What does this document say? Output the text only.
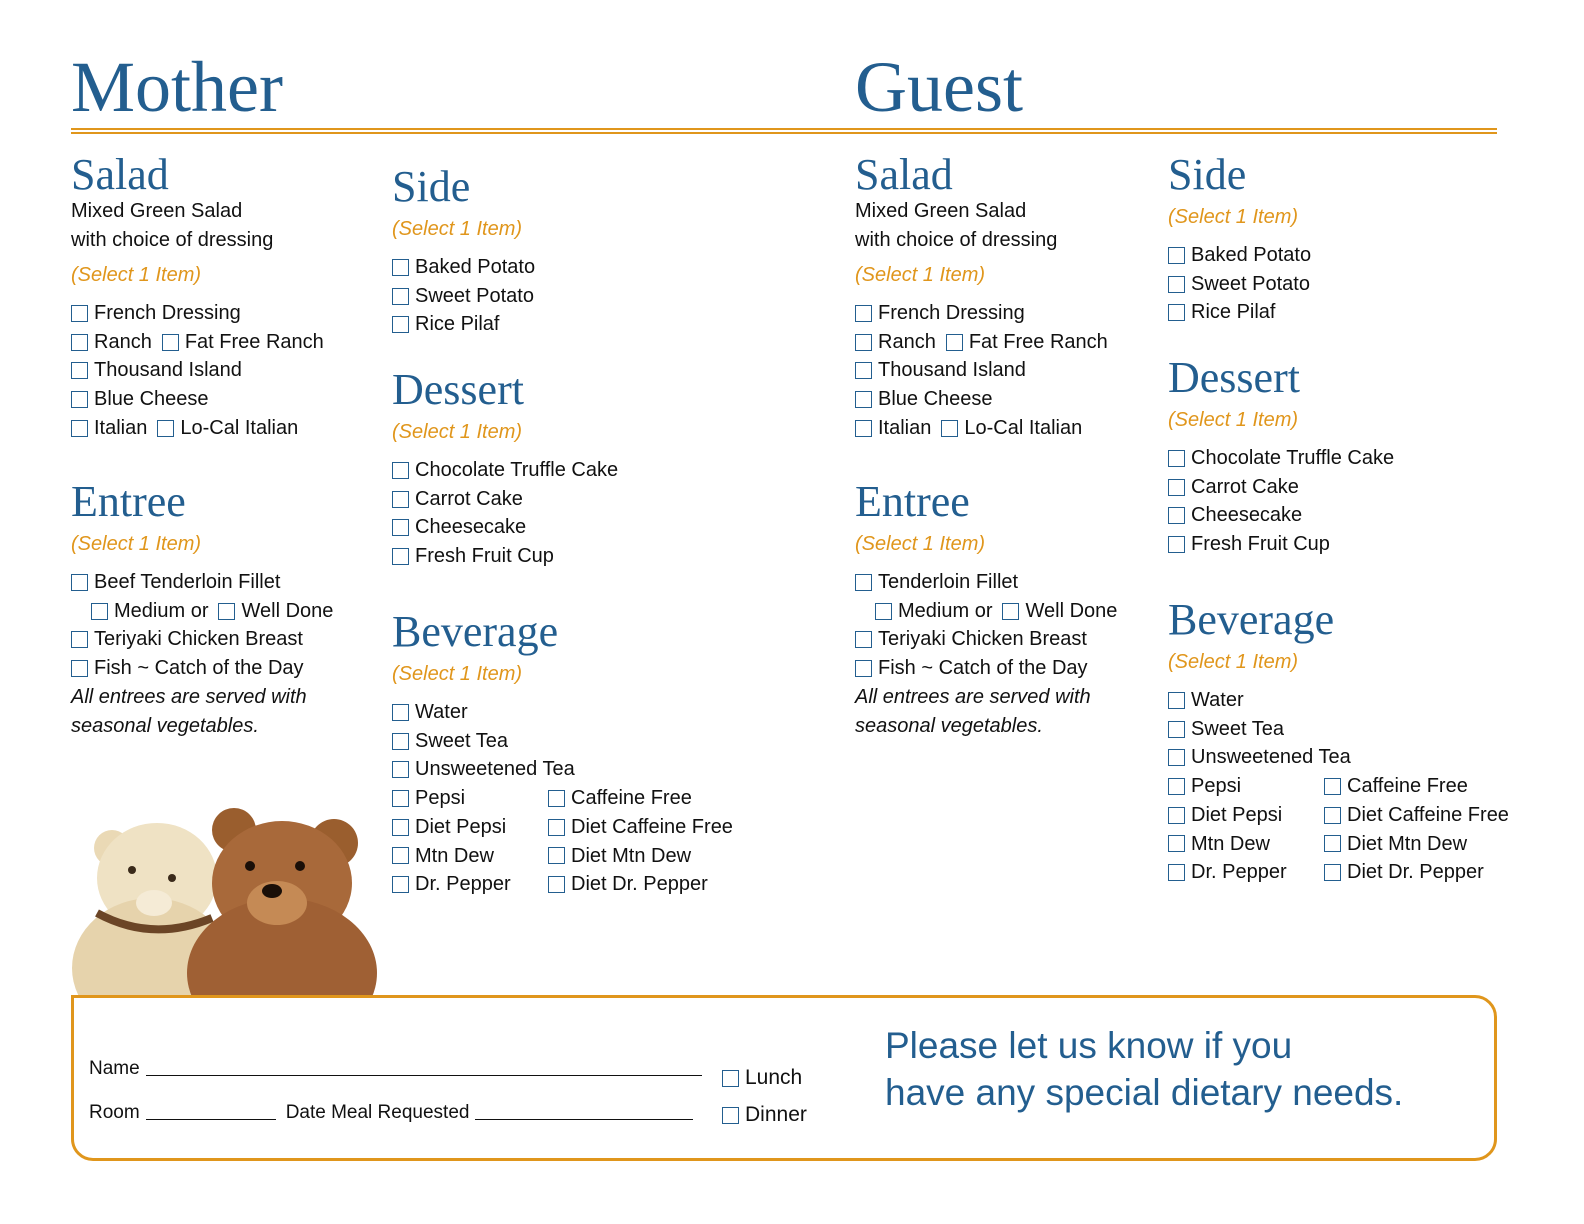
Mother	Guest
Salad
Mixed Green Salad
with choice of dressing
(Select 1 Item)
French Dressing
Ranch Fat Free Ranch
Thousand Island
Blue Cheese
Italian Lo-Cal Italian
Entree
(Select 1 Item)
Beef Tenderloin Fillet
Medium or Well Done
Teriyaki Chicken Breast
Fish ~ Catch of the Day
All entrees are served with
seasonal vegetables.
Side
(Select 1 Item)
Baked Potato
Sweet Potato
Rice Pilaf
Dessert
(Select 1 Item)
Chocolate Truffle Cake
Carrot Cake
Cheesecake
Fresh Fruit Cup
Beverage
(Select 1 Item)
Water
Sweet Tea
Unsweetened Tea
Pepsi	Caffeine Free
Diet Pepsi	Diet Caffeine Free
Mtn Dew	Diet Mtn Dew
Dr. Pepper	Diet Dr. Pepper
Salad
Mixed Green Salad
with choice of dressing
(Select 1 Item)
French Dressing
Ranch Fat Free Ranch
Thousand Island
Blue Cheese
Italian Lo-Cal Italian
Entree
(Select 1 Item)
Tenderloin Fillet
Medium or Well Done
Teriyaki Chicken Breast
Fish ~ Catch of the Day
All entrees are served with
seasonal vegetables.
Side
(Select 1 Item)
Baked Potato
Sweet Potato
Rice Pilaf
Dessert
(Select 1 Item)
Chocolate Truffle Cake
Carrot Cake
Cheesecake
Fresh Fruit Cup
Beverage
(Select 1 Item)
Water
Sweet Tea
Unsweetened Tea
Pepsi	Caffeine Free
Diet Pepsi	Diet Caffeine Free
Mtn Dew	Diet Mtn Dew
Dr. Pepper	Diet Dr. Pepper
Name
Room	Date Meal Requested
Lunch
Dinner
Please let us know if you
have any special dietary needs.
